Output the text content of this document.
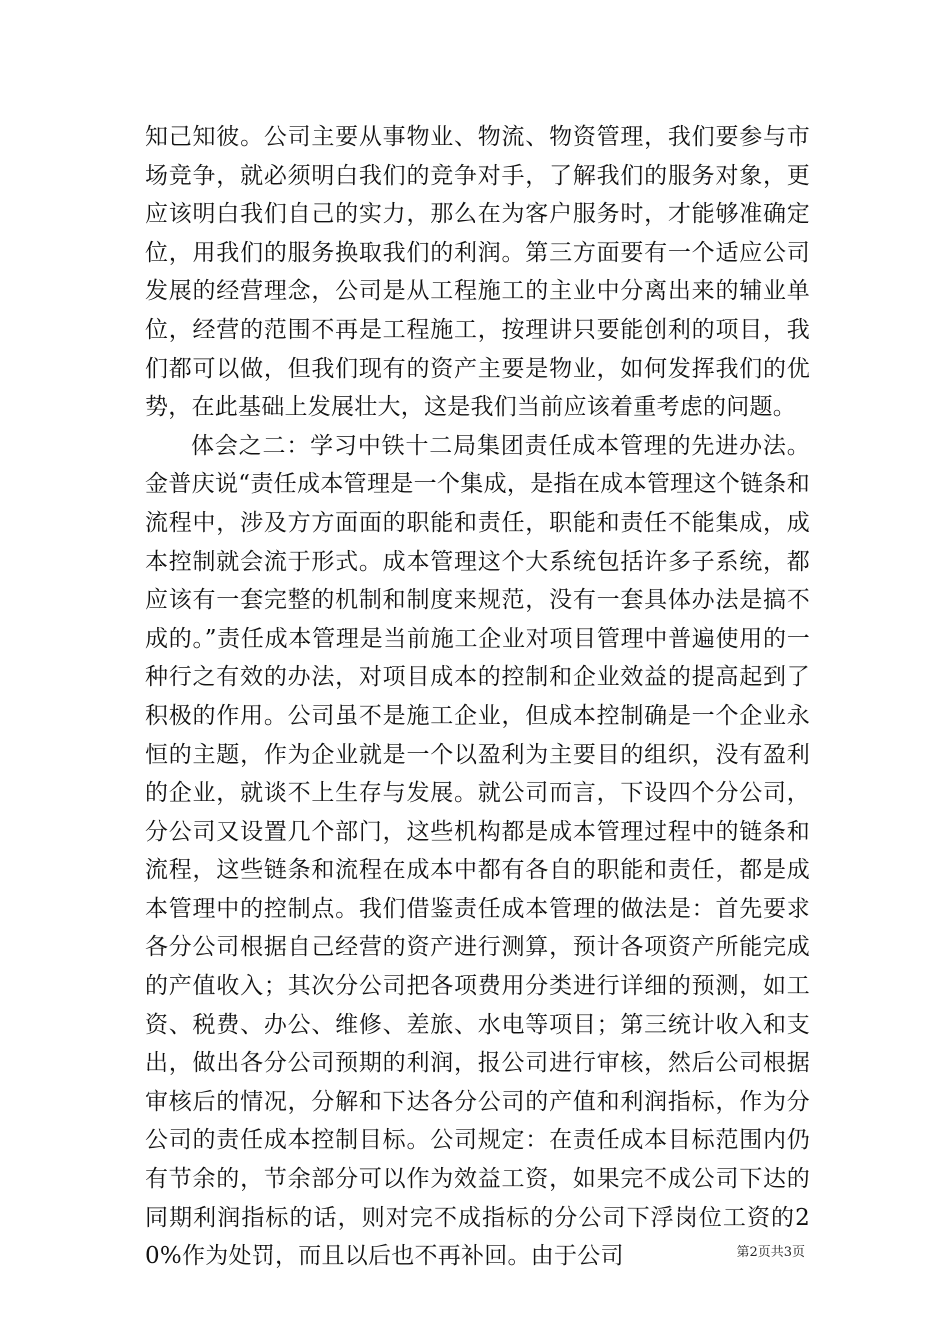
知己知彼。公司主要从事物业、物流、物资管理，我们要参与市场竞争，就必须明白我们的竞争对手，了解我们的服务对象，更应该明白我们自己的实力，那么在为客户服务时，才能够准确定位，用我们的服务换取我们的利润。第三方面要有一个适应公司发展的经营理念，公司是从工程施工的主业中分离出来的辅业单位，经营的范围不再是工程施工，按理讲只要能创利的项目，我们都可以做，但我们现有的资产主要是物业，如何发挥我们的优势，在此基础上发展壮大，这是我们当前应该着重考虑的问题。

体会之二：学习中铁十二局集团责任成本管理的先进办法。金普庆说“责任成本管理是一个集成，是指在成本管理这个链条和流程中，涉及方方面面的职能和责任，职能和责任不能集成，成本控制就会流于形式。成本管理这个大系统包括许多子系统，都应该有一套完整的机制和制度来规范，没有一套具体办法是搞不成的。”责任成本管理是当前施工企业对项目管理中普遍使用的一种行之有效的办法，对项目成本的控制和企业效益的提高起到了积极的作用。公司虽不是施工企业，但成本控制确是一个企业永恒的主题，作为企业就是一个以盈利为主要目的组织，没有盈利的企业，就谈不上生存与发展。就公司而言，下设四个分公司，分公司又设置几个部门，这些机构都是成本管理过程中的链条和流程，这些链条和流程在成本中都有各自的职能和责任，都是成本管理中的控制点。我们借鉴责任成本管理的做法是：首先要求各分公司根据自己经营的资产进行测算，预计各项资产所能完成的产值收入；其次分公司把各项费用分类进行详细的预测，如工资、税费、办公、维修、差旅、水电等项目；第三统计收入和支出，做出各分公司预期的利润，报公司进行审核，然后公司根据审核后的情况，分解和下达各分公司的产值和利润指标，作为分公司的责任成本控制目标。公司规定：在责任成本目标范围内仍有节余的，节余部分可以作为效益工资，如果完不成公司下达的同期利润指标的话，则对完不成指标的分公司下浮岗位工资的20%作为处罚，而且以后也不再补回。由于公司	第2页共3页
